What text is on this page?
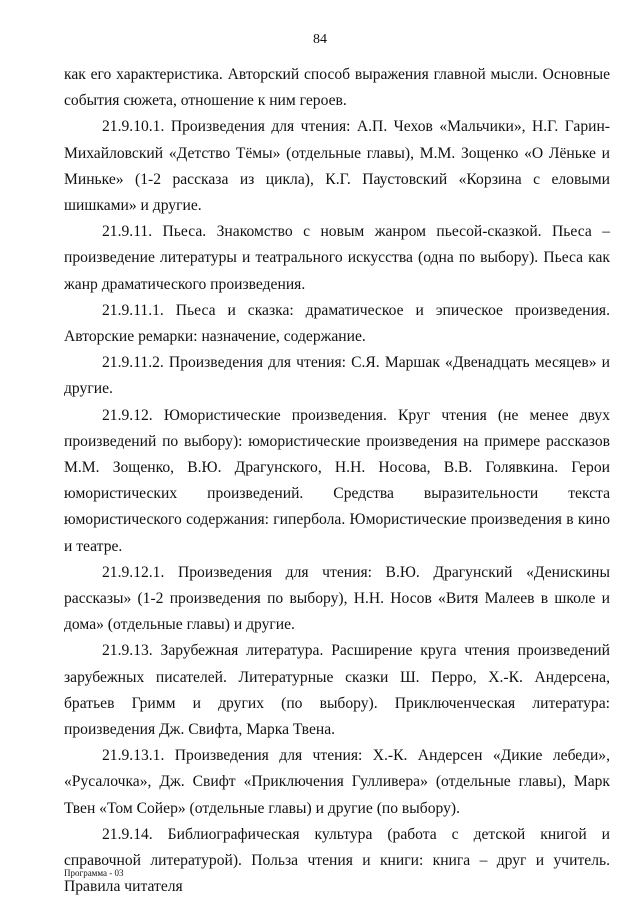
84

как его характеристика. Авторский способ выражения главной мысли. Основные события сюжета, отношение к ним героев.

21.9.10.1. Произведения для чтения: А.П. Чехов «Мальчики», Н.Г. Гарин-Михайловский «Детство Тёмы» (отдельные главы), М.М. Зощенко «О Лёньке и Миньке» (1-2 рассказа из цикла), К.Г. Паустовский «Корзина с еловыми шишками» и другие.

21.9.11. Пьеса. Знакомство с новым жанром пьесой-сказкой. Пьеса – произведение литературы и театрального искусства (одна по выбору). Пьеса как жанр драматического произведения.

21.9.11.1. Пьеса и сказка: драматическое и эпическое произведения. Авторские ремарки: назначение, содержание.

21.9.11.2. Произведения для чтения: С.Я. Маршак «Двенадцать месяцев» и другие.

21.9.12. Юмористические произведения. Круг чтения (не менее двух произведений по выбору): юмористические произведения на примере рассказов М.М. Зощенко, В.Ю. Драгунского, Н.Н. Носова, В.В. Голявкина. Герои юмористических произведений. Средства выразительности текста юмористического содержания: гипербола. Юмористические произведения в кино и театре.

21.9.12.1. Произведения для чтения: В.Ю. Драгунский «Денискины рассказы» (1-2 произведения по выбору), Н.Н. Носов «Витя Малеев в школе и дома» (отдельные главы) и другие.

21.9.13. Зарубежная литература. Расширение круга чтения произведений зарубежных писателей. Литературные сказки Ш. Перро, Х.-К. Андерсена, братьев Гримм и других (по выбору). Приключенческая литература: произведения Дж. Свифта, Марка Твена.

21.9.13.1. Произведения для чтения: Х.-К. Андерсен «Дикие лебеди», «Русалочка», Дж. Свифт «Приключения Гулливера» (отдельные главы), Марк Твен «Том Сойер» (отдельные главы) и другие (по выбору).

21.9.14. Библиографическая культура (работа с детской книгой и справочной литературой). Польза чтения и книги: книга – друг и учитель. Правила читателя

Программа - 03
